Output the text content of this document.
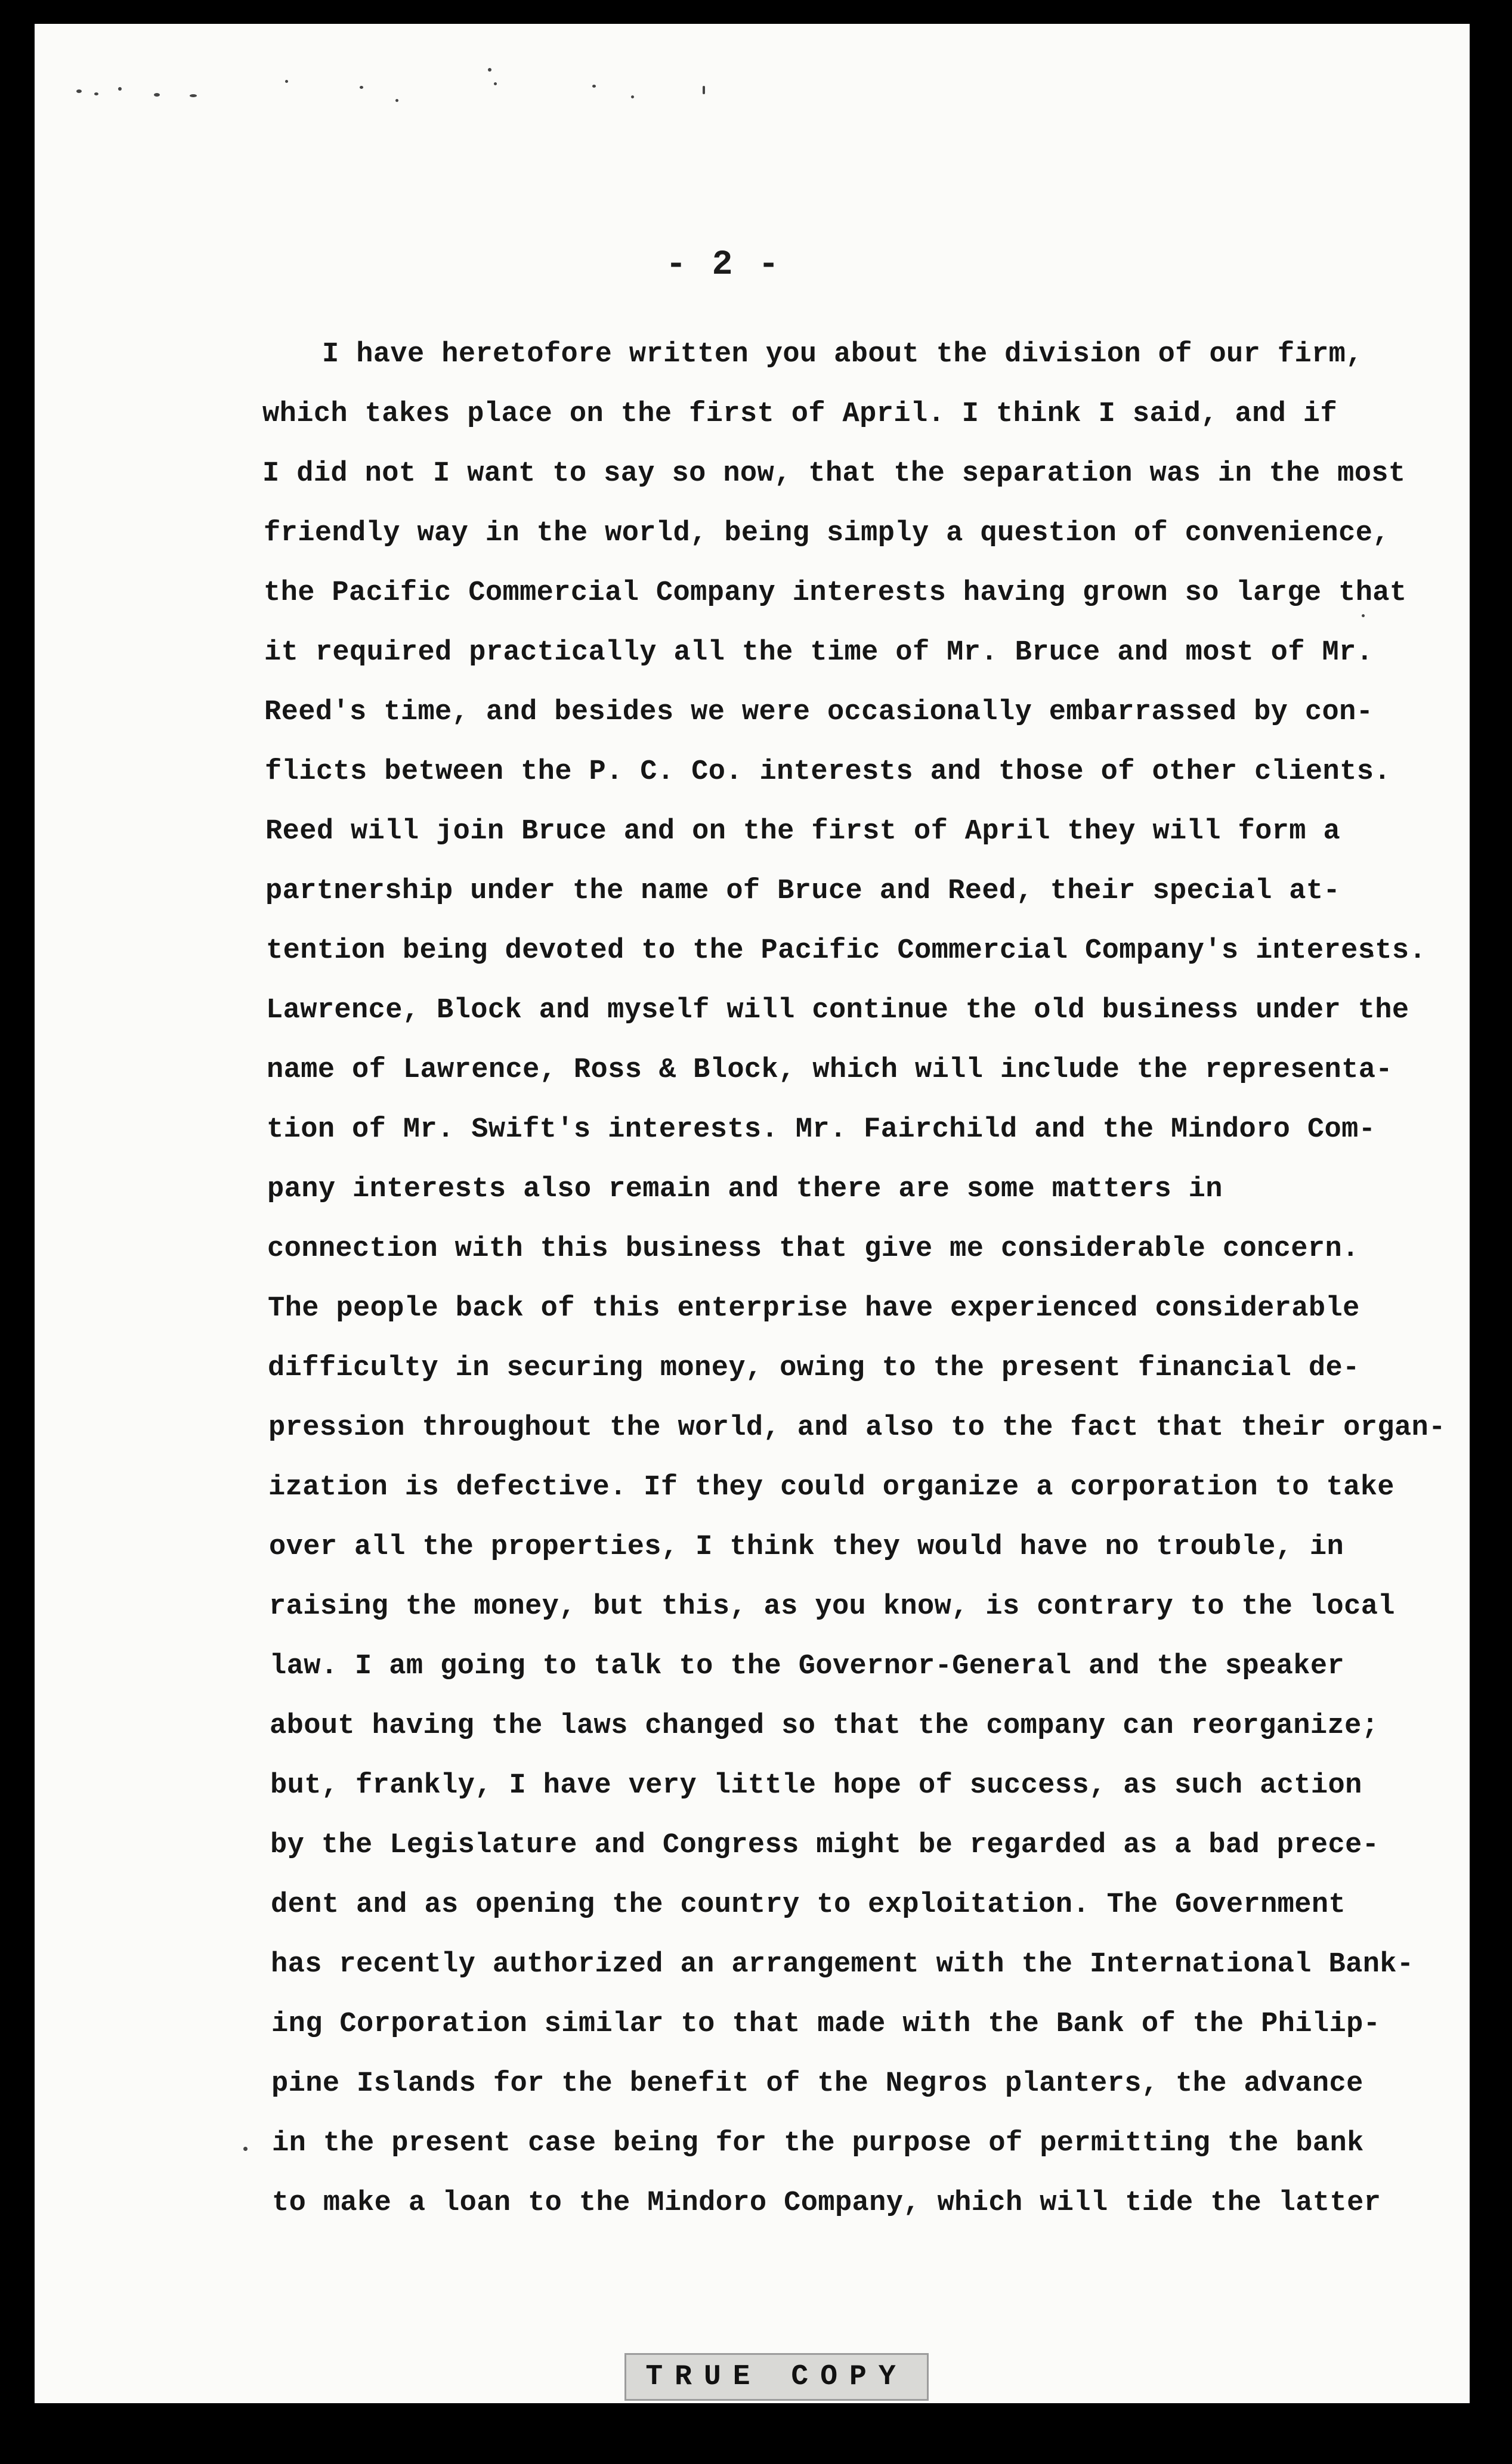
- 2 -
I have heretofore written you about the division of our firm,
which takes place on the first of April. I think I said, and if
I did not I want to say so now, that the separation was in the most
friendly way in the world, being simply a question of convenience,
the Pacific Commercial Company interests having grown so large that
it required practically all the time of Mr. Bruce and most of Mr.
Reed's time, and besides we were occasionally embarrassed by con-
flicts between the P. C. Co. interests and those of other clients.
Reed will join Bruce and on the first of April they will form a
partnership under the name of Bruce and Reed, their special at-
tention being devoted to the Pacific Commercial Company's interests.
Lawrence, Block and myself will continue the old business under the
name of Lawrence, Ross & Block, which will include the representa-
tion of Mr. Swift's interests. Mr. Fairchild and the Mindoro Com-
pany interests also remain and there are some matters in
connection with this business that give me considerable concern.
The people back of this enterprise have experienced considerable
difficulty in securing money, owing to the present financial de-
pression throughout the world, and also to the fact that their organ-
ization is defective. If they could organize a corporation to take
over all the properties, I think they would have no trouble, in
raising the money, but this, as you know, is contrary to the local
law. I am going to talk to the Governor-General and the speaker
about having the laws changed so that the company can reorganize;
but, frankly, I have very little hope of success, as such action
by the Legislature and Congress might be regarded as a bad prece-
dent and as opening the country to exploitation. The Government
has recently authorized an arrangement with the International Bank-
ing Corporation similar to that made with the Bank of the Philip-
pine Islands for the benefit of the Negros planters, the advance
in the present case being for the purpose of permitting the bank
to make a loan to the Mindoro Company, which will tide the latter
TRUE COPY
